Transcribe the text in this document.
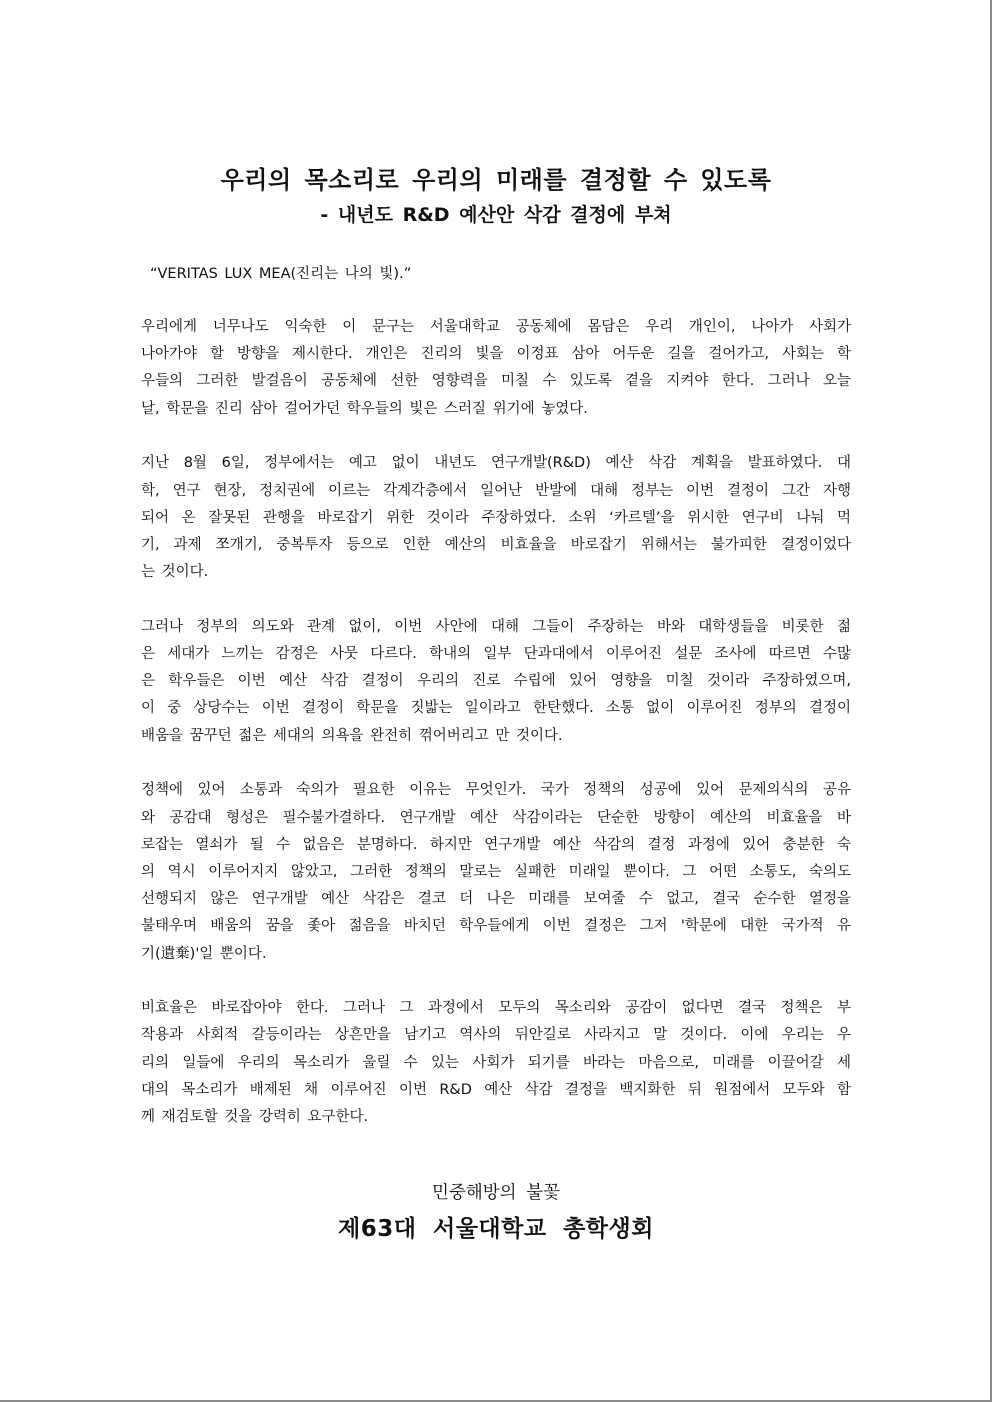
우리의 목소리로 우리의 미래를 결정할 수 있도록
- 내년도 R&D 예산안 삭감 결정에 부쳐

“VERITAS LUX MEA(진리는 나의 빛).”

우리에게 너무나도 익숙한 이 문구는 서울대학교 공동체에 몸담은 우리 개인이, 나아가 사회가
나아가야 할 방향을 제시한다. 개인은 진리의 빛을 이정표 삼아 어두운 길을 걸어가고, 사회는 학
우들의 그러한 발걸음이 공동체에 선한 영향력을 미칠 수 있도록 곁을 지켜야 한다. 그러나 오늘
날, 학문을 진리 삼아 걸어가던 학우들의 빛은 스러질 위기에 놓였다.

지난 8월 6일, 정부에서는 예고 없이 내년도 연구개발(R&D) 예산 삭감 계획을 발표하였다. 대
학, 연구 현장, 정치권에 이르는 각계각층에서 일어난 반발에 대해 정부는 이번 결정이 그간 자행
되어 온 잘못된 관행을 바로잡기 위한 것이라 주장하였다. 소위 ‘카르텔’을 위시한 연구비 나눠 먹
기, 과제 쪼개기, 중복투자 등으로 인한 예산의 비효율을 바로잡기 위해서는 불가피한 결정이었다
는 것이다.

그러나 정부의 의도와 관계 없이, 이번 사안에 대해 그들이 주장하는 바와 대학생들을 비롯한 젊
은 세대가 느끼는 감정은 사뭇 다르다. 학내의 일부 단과대에서 이루어진 설문 조사에 따르면 수많
은 학우들은 이번 예산 삭감 결정이 우리의 진로 수립에 있어 영향을 미칠 것이라 주장하였으며,
이 중 상당수는 이번 결정이 학문을 짓밟는 일이라고 한탄했다. 소통 없이 이루어진 정부의 결정이
배움을 꿈꾸던 젊은 세대의 의욕을 완전히 꺾어버리고 만 것이다.

정책에 있어 소통과 숙의가 필요한 이유는 무엇인가. 국가 정책의 성공에 있어 문제의식의 공유
와 공감대 형성은 필수불가결하다. 연구개발 예산 삭감이라는 단순한 방향이 예산의 비효율을 바
로잡는 열쇠가 될 수 없음은 분명하다. 하지만 연구개발 예산 삭감의 결정 과정에 있어 충분한 숙
의 역시 이루어지지 않았고, 그러한 정책의 말로는 실패한 미래일 뿐이다. 그 어떤 소통도, 숙의도
선행되지 않은 연구개발 예산 삭감은 결코 더 나은 미래를 보여줄 수 없고, 결국 순수한 열정을
불태우며 배움의 꿈을 좇아 젊음을 바치던 학우들에게 이번 결정은 그저 '학문에 대한 국가적 유
기(遺棄)'일 뿐이다.

비효율은 바로잡아야 한다. 그러나 그 과정에서 모두의 목소리와 공감이 없다면 결국 정책은 부
작용과 사회적 갈등이라는 상흔만을 남기고 역사의 뒤안길로 사라지고 말 것이다. 이에 우리는 우
리의 일들에 우리의 목소리가 울릴 수 있는 사회가 되기를 바라는 마음으로, 미래를 이끌어갈 세
대의 목소리가 배제된 채 이루어진 이번 R&D 예산 삭감 결정을 백지화한 뒤 원점에서 모두와 함
께 재검토할 것을 강력히 요구한다.

민중해방의 불꽃

제63대 서울대학교 총학생회
